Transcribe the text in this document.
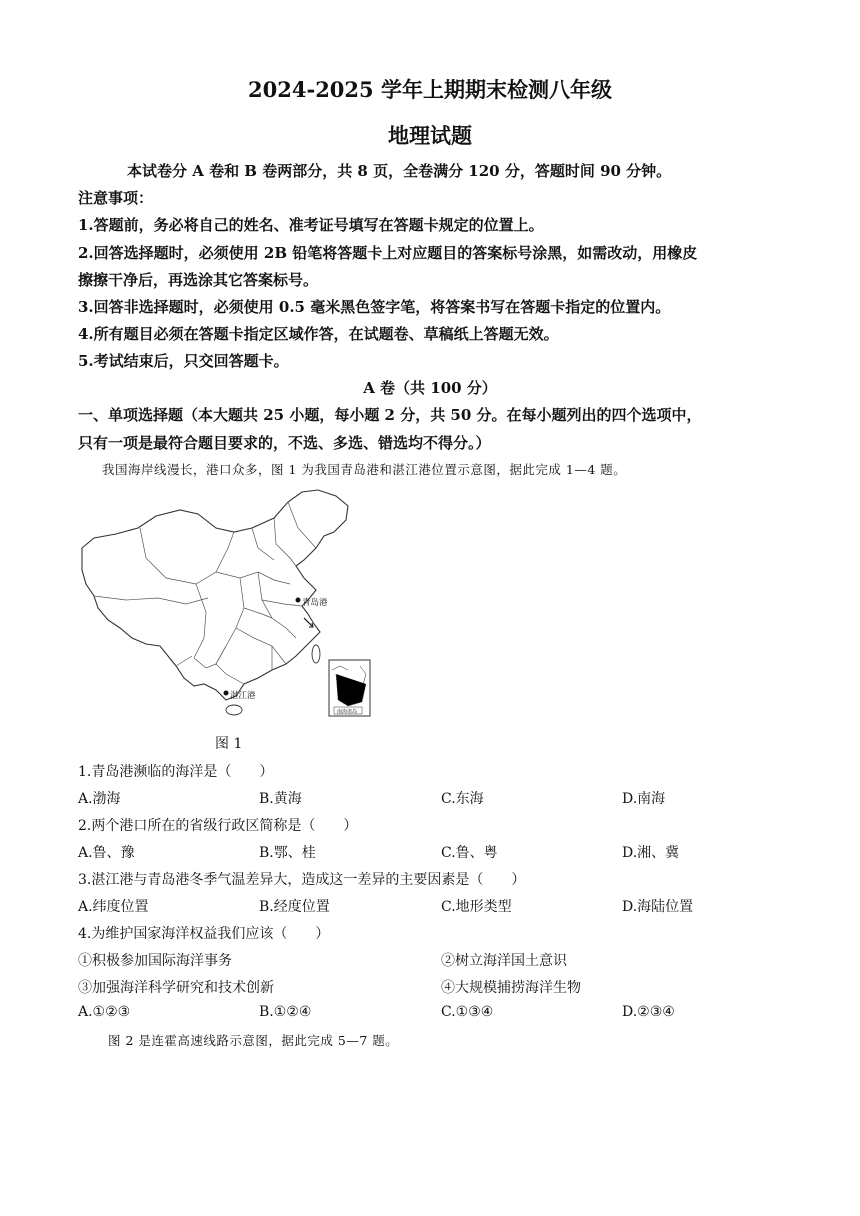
2024-2025 学年上期期末检测八年级
地理试题
本试卷分 A 卷和 B 卷两部分，共 8 页，全卷满分 120 分，答题时间 90 分钟。
注意事项：
1.答题前，务必将自己的姓名、准考证号填写在答题卡规定的位置上。
2.回答选择题时，必须使用 2B 铅笔将答题卡上对应题目的答案标号涂黑，如需改动，用橡皮
擦擦干净后，再选涂其它答案标号。
3.回答非选择题时，必须使用 0.5 毫米黑色签字笔，将答案书写在答题卡指定的位置内。
4.所有题目必须在答题卡指定区域作答，在试题卷、草稿纸上答题无效。
5.考试结束后，只交回答题卡。
A 卷（共 100 分）
一、单项选择题（本大题共 25 小题，每小题 2 分，共 50 分。在每小题列出的四个选项中，
只有一项是最符合题目要求的，不选、多选、错选均不得分。）
我国海岸线漫长，港口众多，图 1 为我国青岛港和湛江港位置示意图，据此完成 1—4 题。
青岛港
湛江港
南海诸岛
图 1
1.青岛港濒临的海洋是（　　）
A.渤海	B.黄海	C.东海	D.南海
2.两个港口所在的省级行政区简称是（　　）
A.鲁、豫	B.鄂、桂	C.鲁、粤	D.湘、冀
3.湛江港与青岛港冬季气温差异大，造成这一差异的主要因素是（　　）
A.纬度位置	B.经度位置	C.地形类型	D.海陆位置
4.为维护国家海洋权益我们应该（　　）
①积极参加国际海洋事务	②树立海洋国土意识
③加强海洋科学研究和技术创新	④大规模捕捞海洋生物
A.①②③	B.①②④	C.①③④	D.②③④
图 2 是连霍高速线路示意图，据此完成 5—7 题。
